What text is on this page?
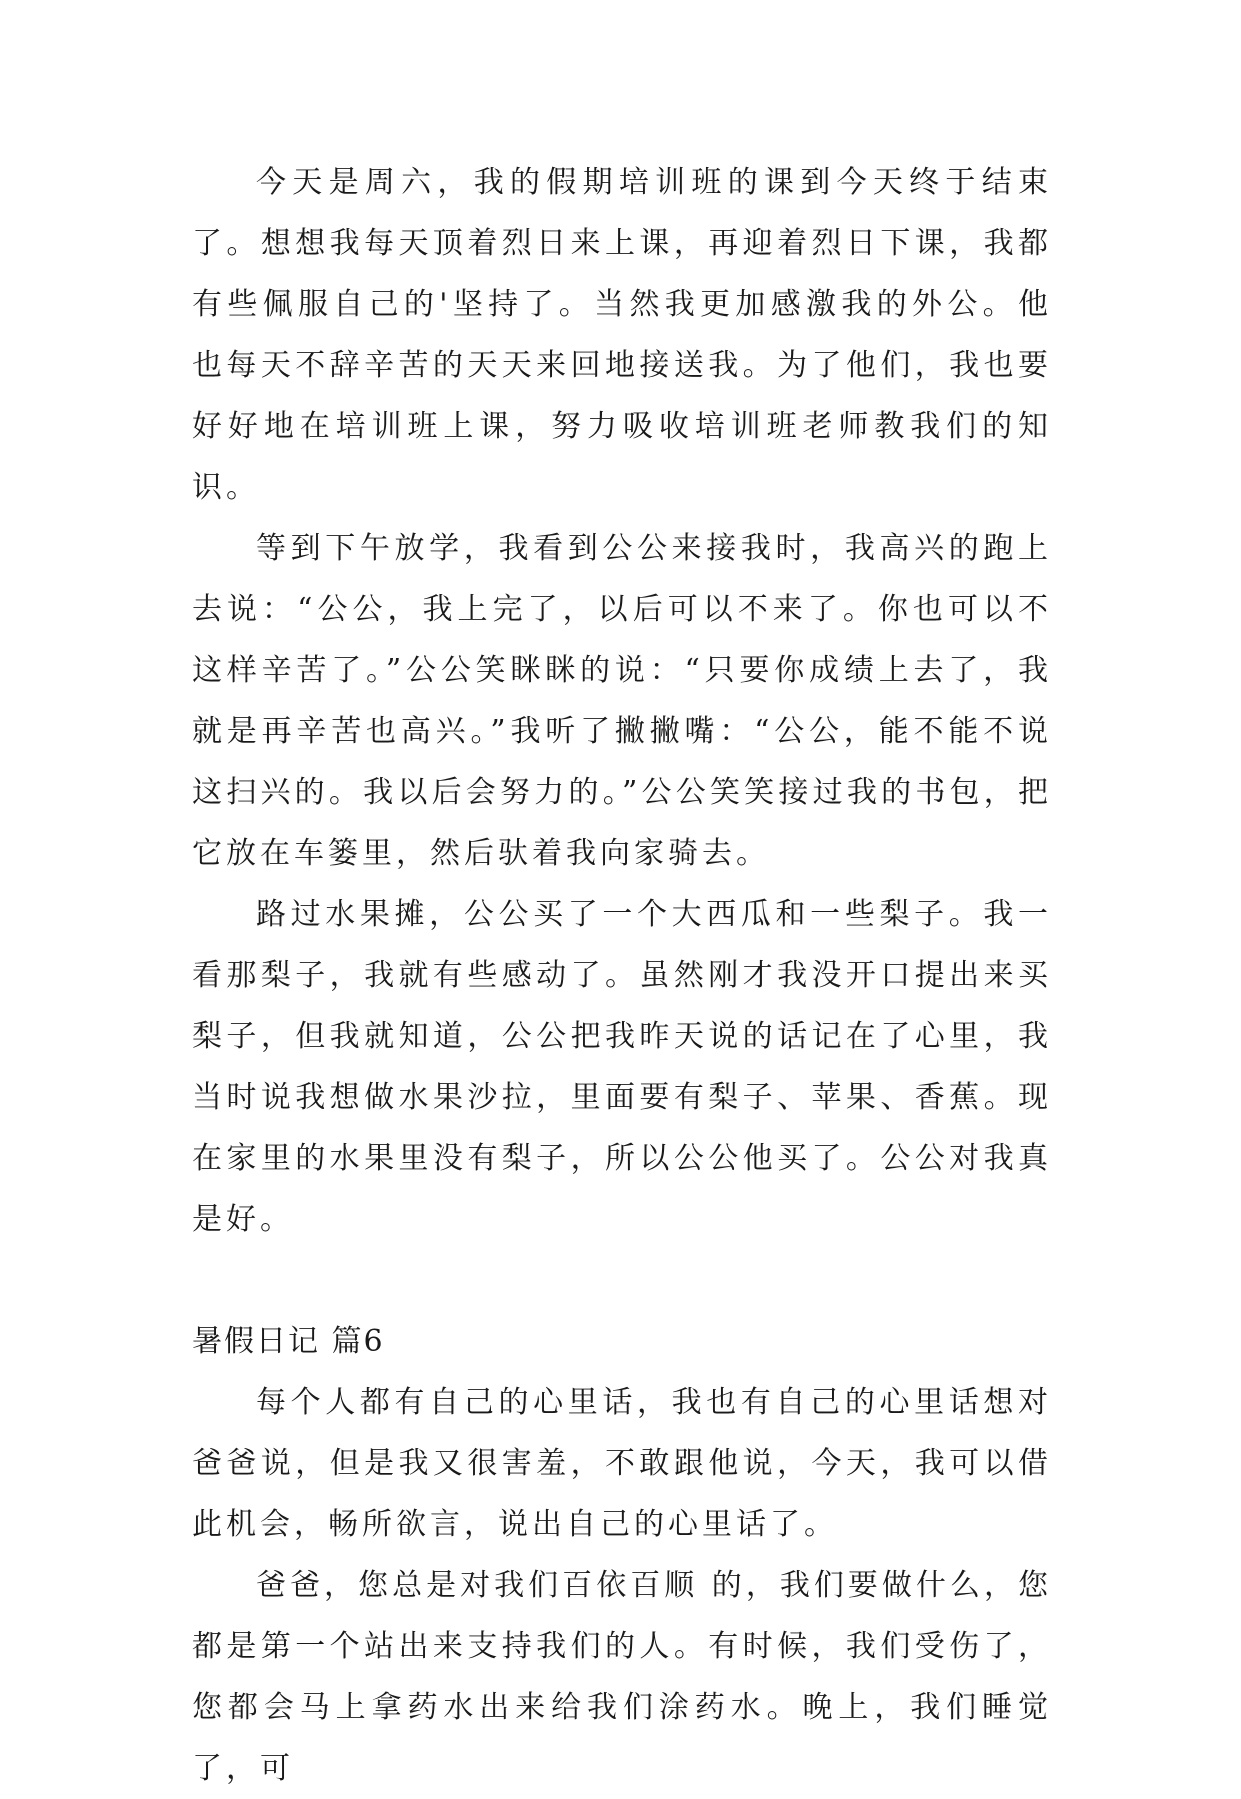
今天是周六，我的假期培训班的课到今天终于结束了。想想我每天顶着烈日来上课，再迎着烈日下课，我都有些佩服自己的'坚持了。当然我更加感激我的外公。他也每天不辞辛苦的天天来回地接送我。为了他们，我也要好好地在培训班上课，努力吸收培训班老师教我们的知识。

等到下午放学，我看到公公来接我时，我高兴的跑上去说：“公公，我上完了，以后可以不来了。你也可以不这样辛苦了。”公公笑眯眯的说：“只要你成绩上去了，我就是再辛苦也高兴。”我听了撇撇嘴：“公公，能不能不说这扫兴的。我以后会努力的。”公公笑笑接过我的书包，把它放在车篓里，然后驮着我向家骑去。

路过水果摊，公公买了一个大西瓜和一些梨子。我一看那梨子，我就有些感动了。虽然刚才我没开口提出来买梨子，但我就知道，公公把我昨天说的话记在了心里，我当时说我想做水果沙拉，里面要有梨子、苹果、香蕉。现在家里的水果里没有梨子，所以公公他买了。公公对我真是好。

暑假日记 篇6

每个人都有自己的心里话，我也有自己的心里话想对爸爸说，但是我又很害羞，不敢跟他说，今天，我可以借此机会，畅所欲言，说出自己的心里话了。

爸爸，您总是对我们百依百顺 的，我们要做什么，您都是第一个站出来支持我们的人。有时候，我们受伤了，您都会马上拿药水出来给我们涂药水。晚上，我们睡觉了，可
